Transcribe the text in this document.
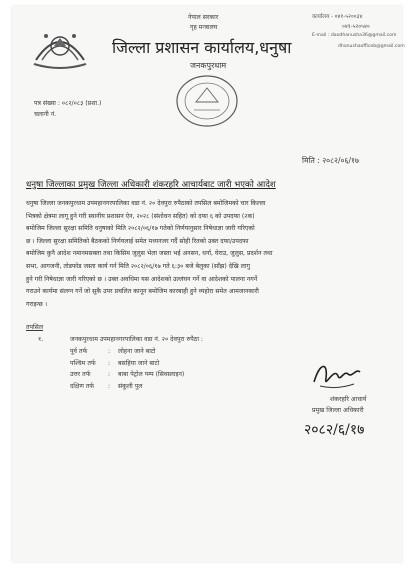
नेपाल सरकार
गृह मन्त्रालय
जिल्ला प्रशासन कार्यालय,धनुषा
जनकपुरधाम
कार्यालय - ०४१-५२००३४
०४१-५२०५४०
E-mail : daodhanusha36@gmail.com
dhanushaofficeb@gmail.com
पत्र संख्या : ०८२/०८३ (प्रशा.)
चलानी नं.
मिति : २०८२/०६/१७
धनुषा जिल्लाका प्रमुख जिल्ला अधिकारी शंकरहरि आचार्यबाट जारी भएको आदेश
धनुषा जिल्ला जनकपुरधाम उपमहानगरपालिका वडा नं. २० देवपुरा रुपैठाको तपसिल बमोजिमको चार किल्ला
भित्रको क्षेत्रमा लागू हुने गरी स्थानीय प्रशासन ऐन, २०२८ (संशोधन सहित) को दफा ६ को उपदफा (२क)
बमोजिम जिल्ला सुरक्षा समिति धनुषाको मिति २०८२/०६/१७ गतेको निर्णयानुसार निषेधाज्ञा जारी गरिएको
छ । जिल्ला सुरक्षा समितिको बैठकको निर्णयलाई समेत मध्यनजर गर्दै सोही रितको उक्त दफा/उपदफा
बमोजिम कुनै आदेश नमानमसक्ता तथा किसिम जुलुस भेला जस्ता भई अनसन, धर्ना, घेराउ, जुलुस, प्रदर्शन तथा
सभा, आगजनी, तोडफोड जस्ता कार्य गर्न मिति २०८२/०६/१७ गते ६:३० बजे बेलुका (साँझ) देखि लागु
हुने गरी निषेधाज्ञा जारी गरिएको छ । उक्त अवधिमा यस आदेशको उल्लंघन गर्ने वा आदेशको पालना नगर्ने
गराउने कार्यमा संलग्न गर्ने जो सुकै उपर प्रचलित कानून बमोजिम कारबाही हुने व्यहोरा समेत आमजानकारी
गराइन्छ ।
तपसिल
१.	जनकपुरधाम उपमहानगरपालिका वडा नं. २० देवपुरा रुपैठा :
पूर्व तर्फ	: लोहना जाने बाटो
पश्चिम तर्फ : बसहिया जाने बाटो
उत्तर तर्फ	: बाबा पेट्रोल पम्प (सिवस्लाइन)
दक्षिण तर्फ : संकुली पुल
शंकरहरि आचार्य
प्रमुख जिल्ला अधिकारी
२०८२/६/१७
